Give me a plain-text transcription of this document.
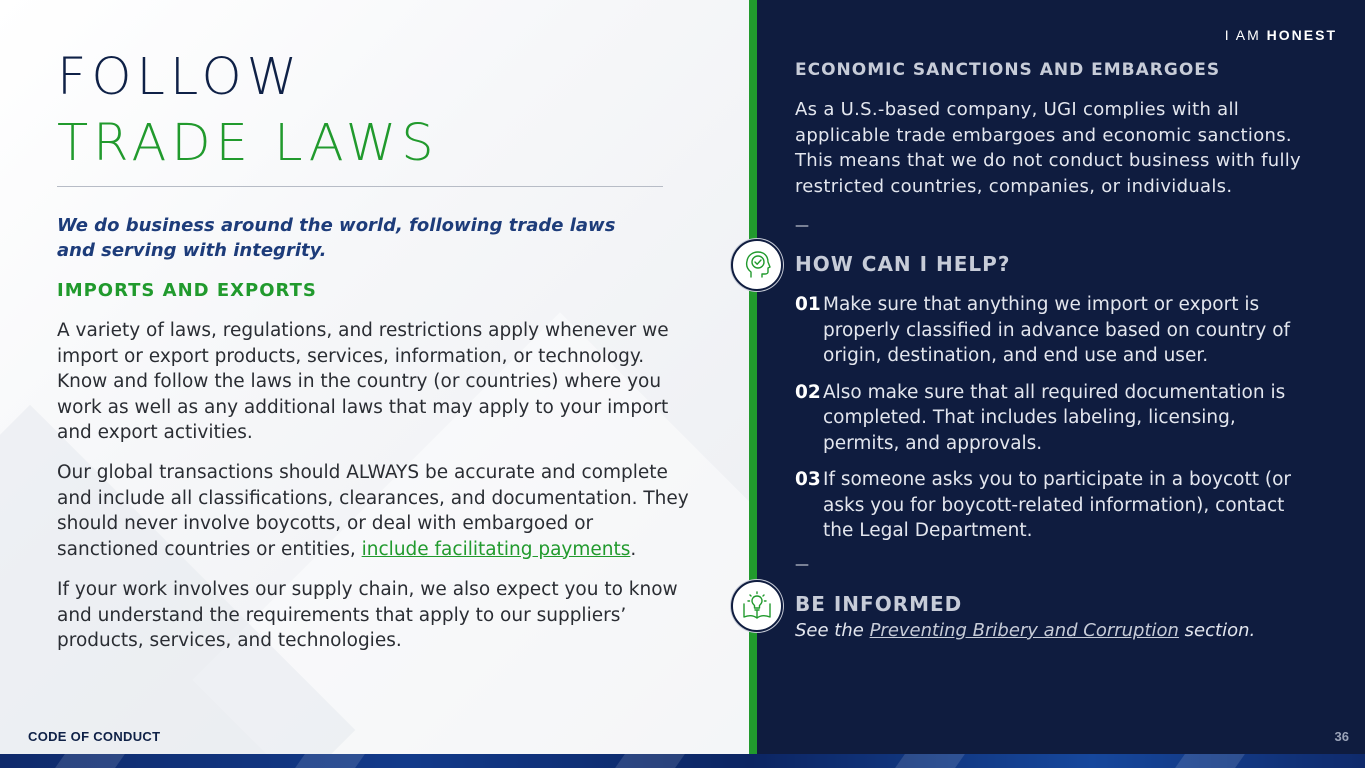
FOLLOW
TRADE LAWS
We do business around the world, following trade laws and serving with integrity.
IMPORTS AND EXPORTS
A variety of laws, regulations, and restrictions apply whenever we import or export products, services, information, or technology. Know and follow the laws in the country (or countries) where you work as well as any additional laws that may apply to your import and export activities.
Our global transactions should ALWAYS be accurate and complete and include all classifications, clearances, and documentation. They should never involve boycotts, or deal with embargoed or sanctioned countries or entities, include facilitating payments.
If your work involves our supply chain, we also expect you to know and understand the requirements that apply to our suppliers’ products, services, and technologies.
CODE OF CONDUCT
I AM HONEST
36
ECONOMIC SANCTIONS AND EMBARGOES
As a U.S.-based company, UGI complies with all applicable trade embargoes and economic sanctions. This means that we do not conduct business with fully restricted countries, companies, or individuals.
—
HOW CAN I HELP?
01 Make sure that anything we import or export is properly classified in advance based on country of origin, destination, and end use and user.
02 Also make sure that all required documentation is completed. That includes labeling, licensing, permits, and approvals.
03 If someone asks you to participate in a boycott (or asks you for boycott-related information), contact the Legal Department.
—
BE INFORMED
See the Preventing Bribery and Corruption section.
